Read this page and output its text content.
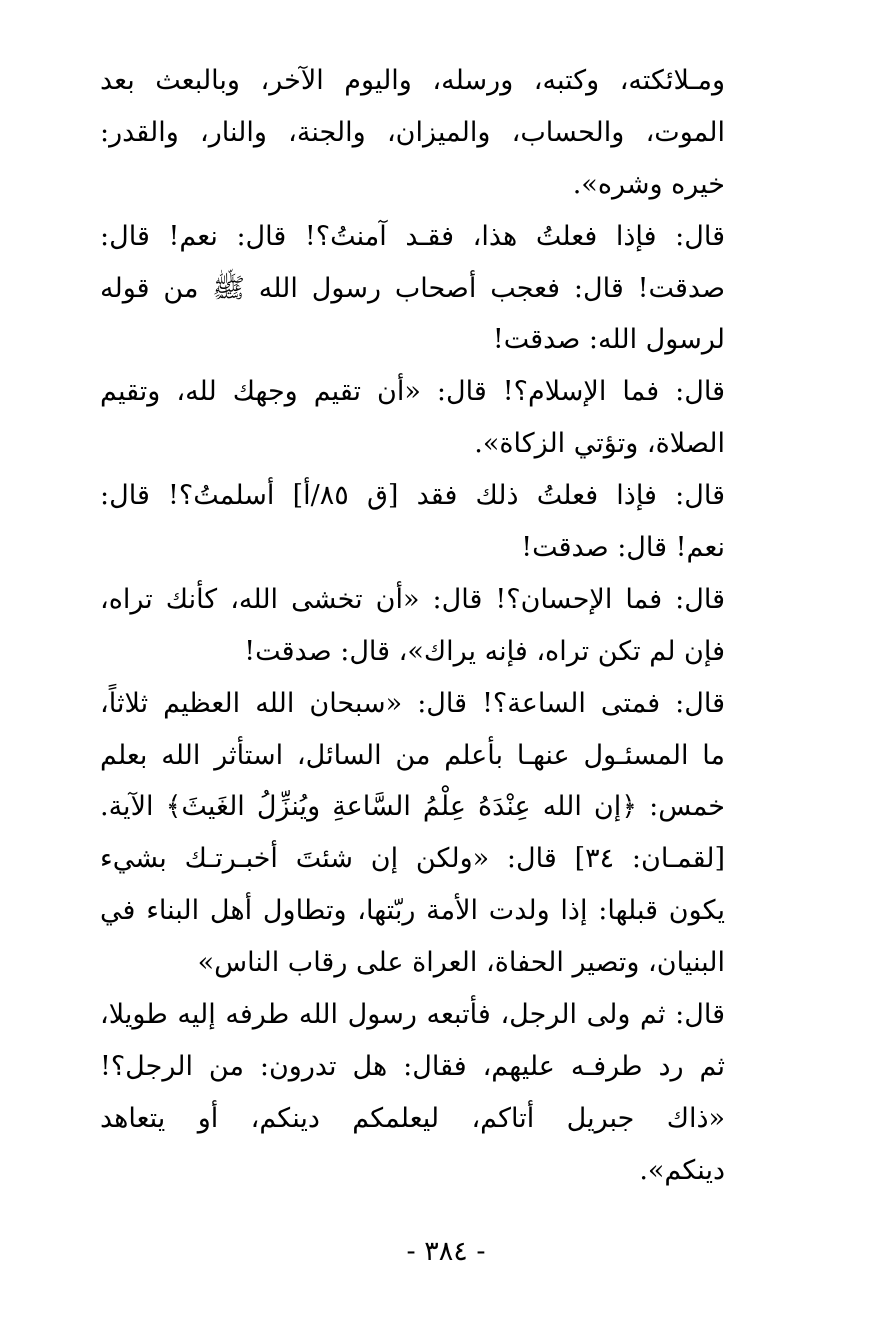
ومـلائكته، وكتبه، ورسله، واليوم الآخر، وبالبعث بعد
الموت، والحساب، والميزان، والجنة، والنار، والقدر:
خيره وشره».
قال: فإذا فعلتُ هذا، فقـد آمنتُ؟! قال: نعم! قال:
صدقت! قال: فعجب أصحاب رسول الله ﷺ من قوله
لرسول الله: صدقت!
قال: فما الإسلام؟! قال: «أن تقيم وجهك لله، وتقيم
الصلاة، وتؤتي الزكاة».
قال: فإذا فعلتُ ذلك فقد [ق ٨٥/أ] أسلمتُ؟! قال:
نعم! قال: صدقت!
قال: فما الإحسان؟! قال: «أن تخشى الله، كأنك تراه،
فإن لم تكن تراه، فإنه يراك»، قال: صدقت!
قال: فمتى الساعة؟! قال: «سبحان الله العظيم ثلاثاً،
ما المسئـول عنهـا بأعلم من السائل، استأثر الله بعلم
خمس: ﴿إن الله عِنْدَهُ عِلْمُ السَّاعةِ ويُنزِّلُ الغَيثَ﴾ الآية.
[لقمـان: ٣٤] قال: «ولكن إن شئتَ أخبـرتـك بشيء
يكون قبلها: إذا ولدت الأمة ربّتها، وتطاول أهل البناء في
البنيان، وتصير الحفاة، العراة على رقاب الناس»
قال: ثم ولى الرجل، فأتبعه رسول الله طرفه إليه طويلا،
ثم رد طرفـه عليهم، فقال: هل تدرون: من الرجل؟!
«ذاك جبريل أتاكم، ليعلمكم دينكم، أو يتعاهد
دينكم».
- ٣٨٤ -
